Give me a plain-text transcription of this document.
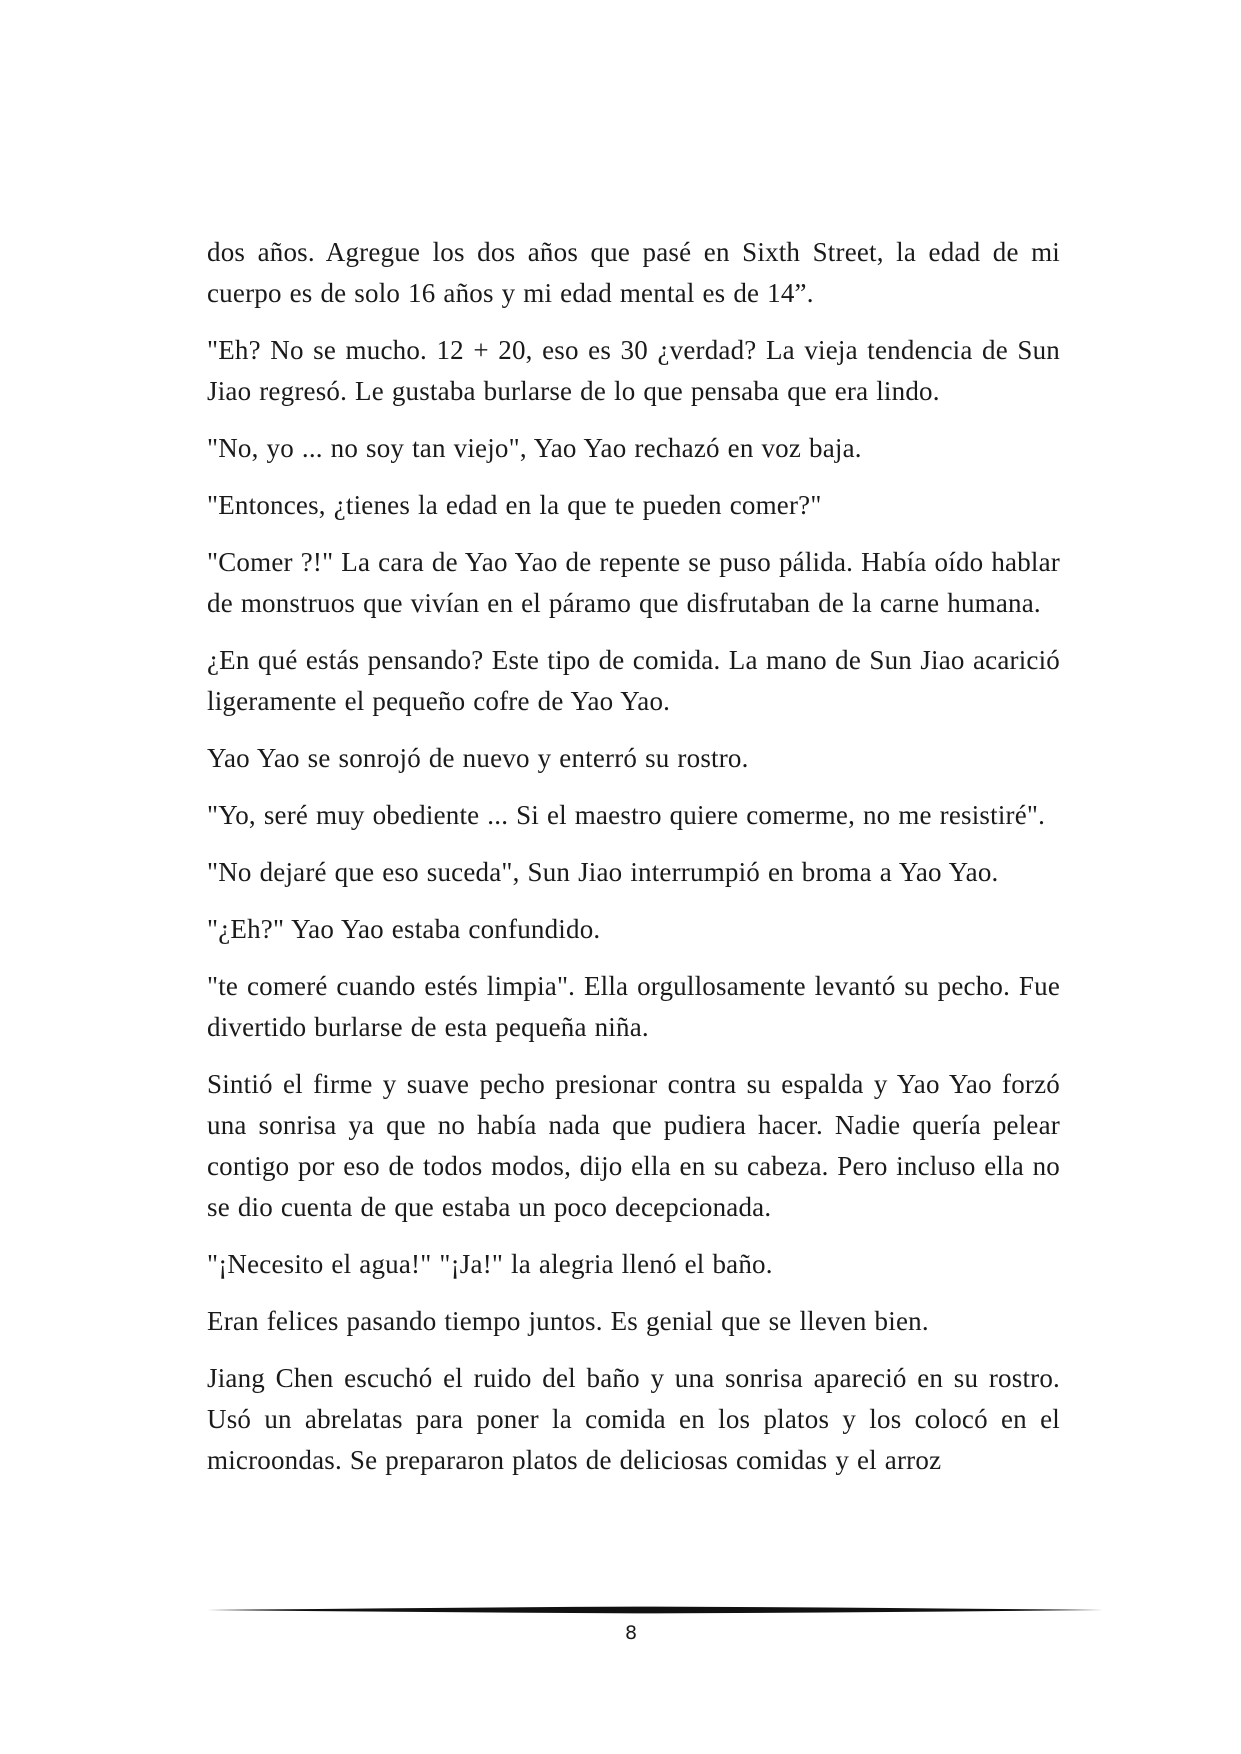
dos años. Agregue los dos años que pasé en Sixth Street, la edad de mi cuerpo es de solo 16 años y mi edad mental es de 14”.

"Eh? No se mucho. 12 + 20, eso es 30 ¿verdad? La vieja tendencia de Sun Jiao regresó. Le gustaba burlarse de lo que pensaba que era lindo.

"No, yo ... no soy tan viejo", Yao Yao rechazó en voz baja.

"Entonces, ¿tienes la edad en la que te pueden comer?"

"Comer ?!" La cara de Yao Yao de repente se puso pálida. Había oído hablar de monstruos que vivían en el páramo que disfrutaban de la carne humana.

¿En qué estás pensando? Este tipo de comida. La mano de Sun Jiao acarició ligeramente el pequeño cofre de Yao Yao.

Yao Yao se sonrojó de nuevo y enterró su rostro.

"Yo, seré muy obediente ... Si el maestro quiere comerme, no me resistiré".

"No dejaré que eso suceda", Sun Jiao interrumpió en broma a Yao Yao.

"¿Eh?" Yao Yao estaba confundido.

"te comeré cuando estés limpia". Ella orgullosamente levantó su pecho. Fue divertido burlarse de esta pequeña niña.

Sintió el firme y suave pecho presionar contra su espalda y Yao Yao forzó una sonrisa ya que no había nada que pudiera hacer. Nadie quería pelear contigo por eso de todos modos, dijo ella en su cabeza. Pero incluso ella no se dio cuenta de que estaba un poco decepcionada.

"¡Necesito el agua!" "¡Ja!" la alegria llenó el baño.

Eran felices pasando tiempo juntos. Es genial que se lleven bien.

Jiang Chen escuchó el ruido del baño y una sonrisa apareció en su rostro. Usó un abrelatas para poner la comida en los platos y los colocó en el microondas. Se prepararon platos de deliciosas comidas y el arroz

8
